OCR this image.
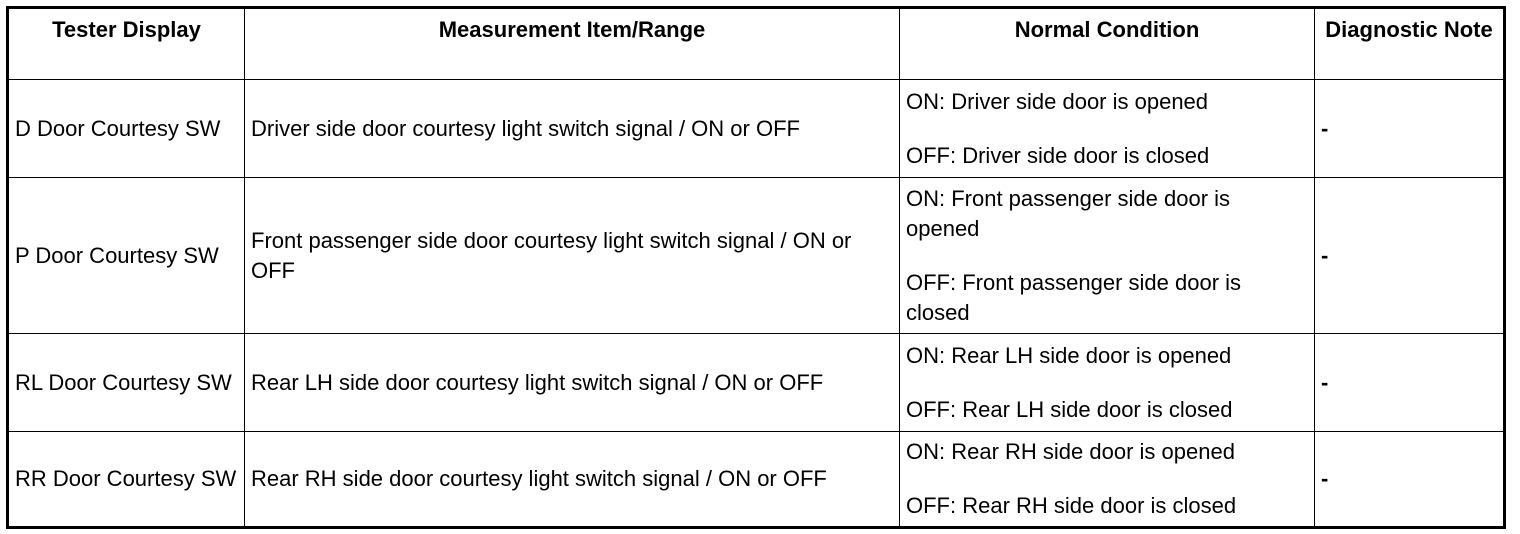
Tester Display	Measurement Item/Range	Normal Condition	Diagnostic Note
D Door Courtesy SW	Driver side door courtesy light switch signal / ON or OFF	ON: Driver side door is opened
OFF: Driver side door is closed	-
P Door Courtesy SW	Front passenger side door courtesy light switch signal / ON or OFF	ON: Front passenger side door is opened
OFF: Front passenger side door is closed	-
RL Door Courtesy SW	Rear LH side door courtesy light switch signal / ON or OFF	ON: Rear LH side door is opened
OFF: Rear LH side door is closed	-
RR Door Courtesy SW	Rear RH side door courtesy light switch signal / ON or OFF	ON: Rear RH side door is opened
OFF: Rear RH side door is closed	-
